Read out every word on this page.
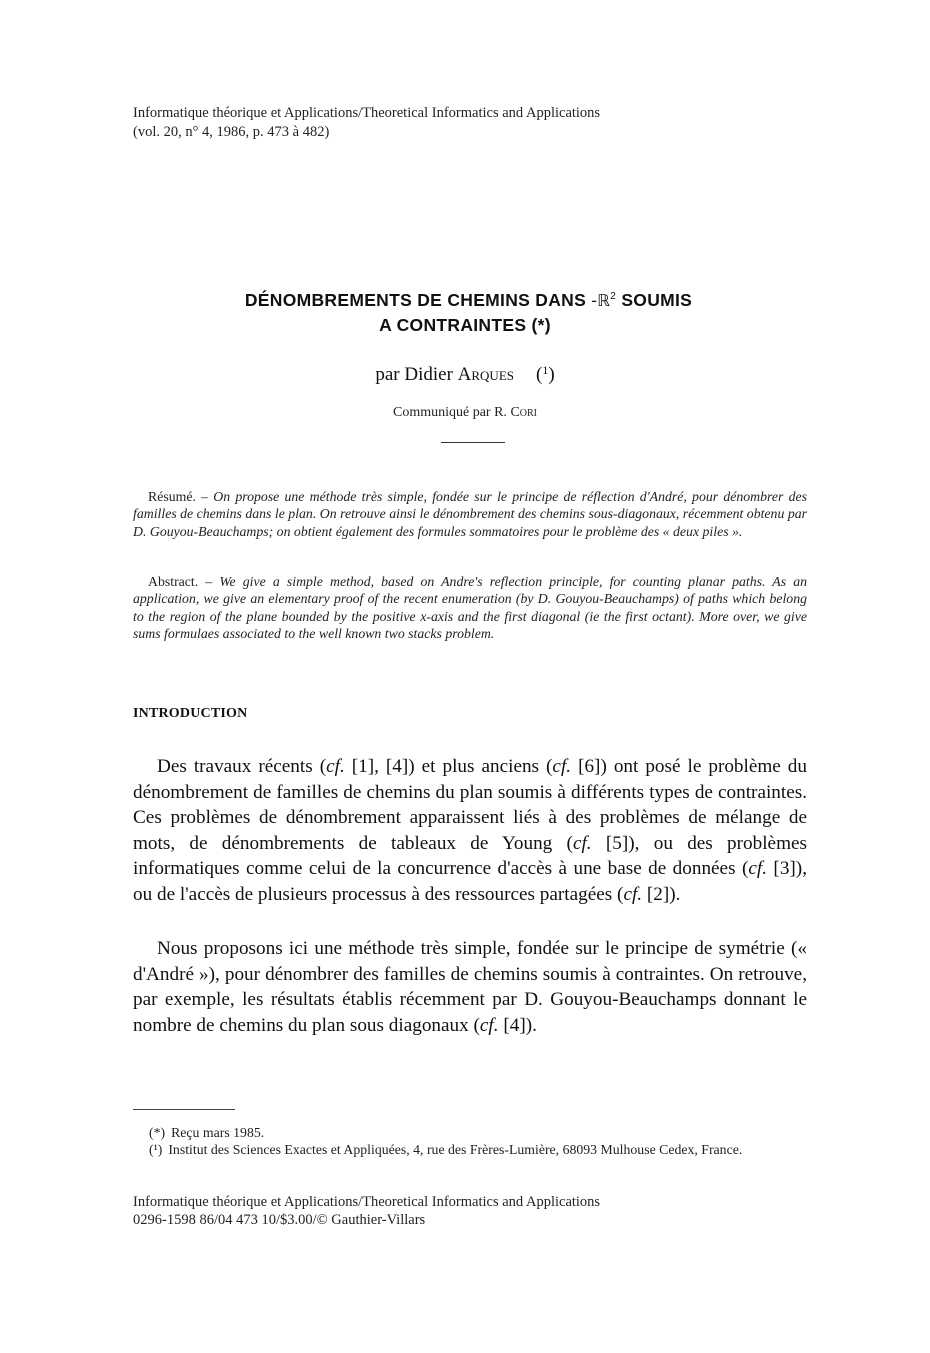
Informatique théorique et Applications/Theoretical Informatics and Applications
(vol. 20, n° 4, 1986, p. 473 à 482)
DÉNOMBREMENTS DE CHEMINS DANS -ℝ$^2$ SOUMIS
A CONTRAINTES (*)
par Didier Arques ($^1$)
Communiqué par R. Cori
Résumé. – On propose une méthode très simple, fondée sur le principe de réflection d'André, pour dénombrer des familles de chemins dans le plan. On retrouve ainsi le dénombrement des chemins sous-diagonaux, récemment obtenu par D. Gouyou-Beauchamps; on obtient également des formules sommatoires pour le problème des « deux piles ».
Abstract. – We give a simple method, based on Andre's reflection principle, for counting planar paths. As an application, we give an elementary proof of the recent enumeration (by D. Gouyou-Beauchamps) of paths which belong to the region of the plane bounded by the positive x-axis and the first diagonal (ie the first octant). More over, we give sums formulaes associated to the well known two stacks problem.
INTRODUCTION

Des travaux récents (cf. [1], [4]) et plus anciens (cf. [6]) ont posé le problème du dénombrement de familles de chemins du plan soumis à différents types de contraintes. Ces problèmes de dénombrement apparaissent liés à des problèmes de mélange de mots, de dénombrements de tableaux de Young (cf. [5]), ou des problèmes informatiques comme celui de la concurrence d'accès à une base de données (cf. [3]), ou de l'accès de plusieurs processus à des ressources partagées (cf. [2]).

Nous proposons ici une méthode très simple, fondée sur le principe de symétrie (« d'André »), pour dénombrer des familles de chemins soumis à contraintes. On retrouve, par exemple, les résultats établis récemment par D. Gouyou-Beauchamps donnant le nombre de chemins du plan sous diagonaux (cf. [4]).

(*) Reçu mars 1985.

(¹) Institut des Sciences Exactes et Appliquées, 4, rue des Frères-Lumière, 68093 Mulhouse Cedex, France.

Informatique théorique et Applications/Theoretical Informatics and Applications
0296-1598 86/04 473 10/$3.00/© Gauthier-Villars
